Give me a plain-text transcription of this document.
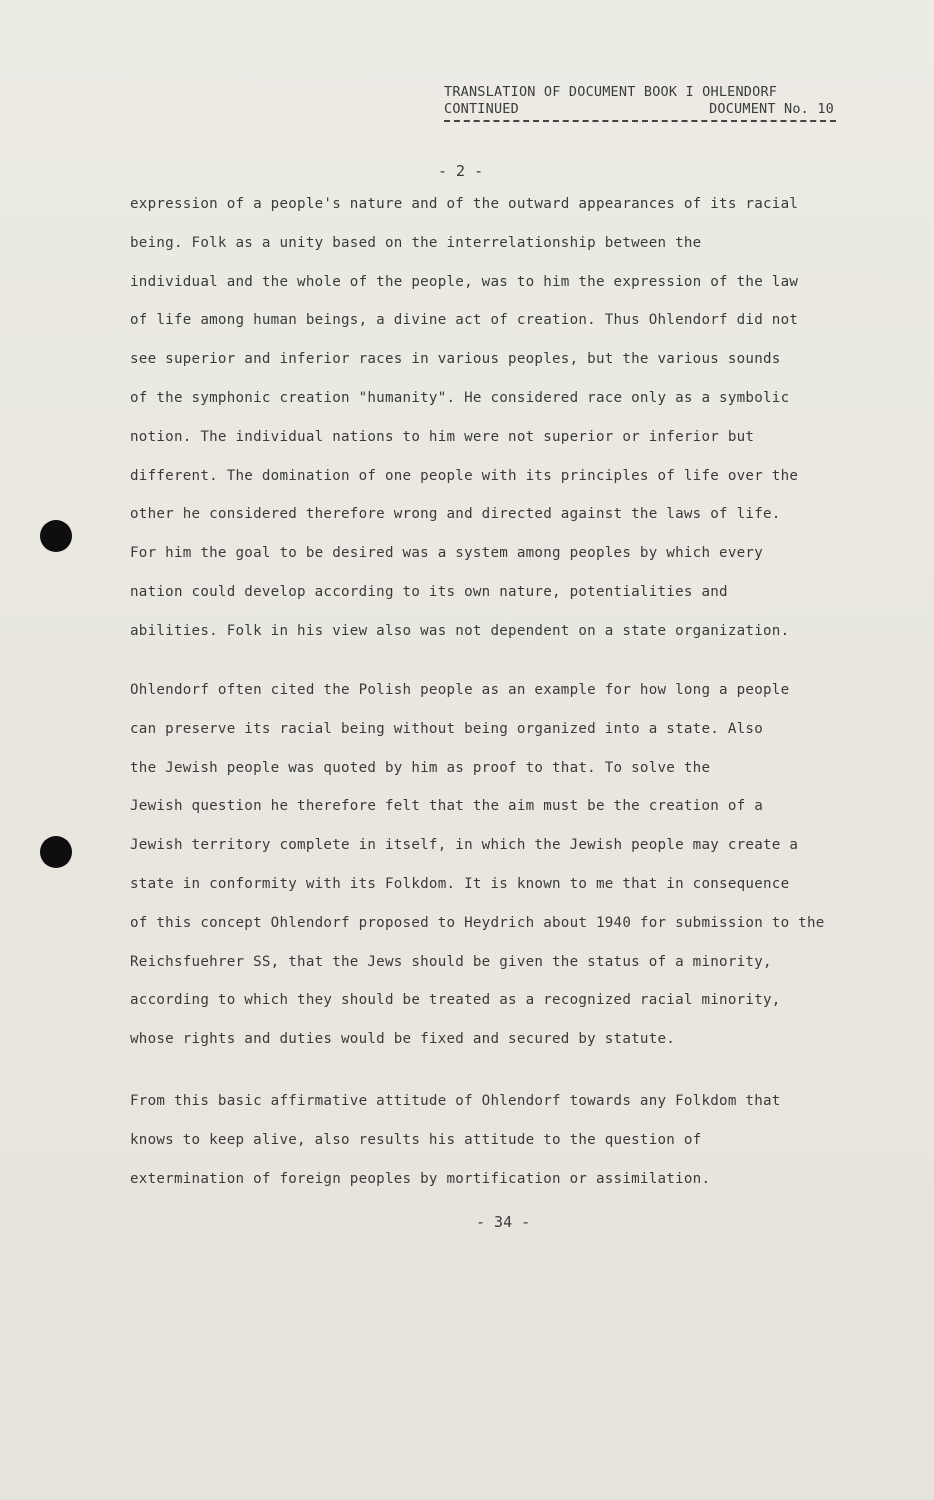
TRANSLATION OF DOCUMENT BOOK I OHLENDORF
CONTINUED	DOCUMENT No. 10
- 2 -
expression of a people's nature and of the outward appearances of its racial
being. Folk as a unity based on the interrelationship between the
individual and the whole of the people, was to him the expression of the law
of life among human beings, a divine act of creation. Thus Ohlendorf did not
see superior and inferior races in various peoples, but the various sounds
of the symphonic creation "humanity". He considered race only as a symbolic
notion. The individual nations to him were not superior or inferior but
different. The domination of one people with its principles of life over the
other he considered therefore wrong and directed against the laws of life.
For him the goal to be desired was a system among peoples by which every
nation could develop according to its own nature, potentialities and
abilities. Folk in his view also was not dependent on a state organization.
Ohlendorf often cited the Polish people as an example for how long a people
can preserve its racial being without being organized into a state. Also
the Jewish people was quoted by him as proof to that. To solve the
Jewish question he therefore felt that the aim must be the creation of a
Jewish territory complete in itself, in which the Jewish people may create a
state in conformity with its Folkdom. It is known to me that in consequence
of this concept Ohlendorf proposed to Heydrich about 1940 for submission to the
Reichsfuehrer SS, that the Jews should be given the status of a minority,
according to which they should be treated as a recognized racial minority,
whose rights and duties would be fixed and secured by statute.
From this basic affirmative attitude of Ohlendorf towards any Folkdom that
knows to keep alive, also results his attitude to the question of
extermination of foreign peoples by mortification or assimilation.
- 34 -
